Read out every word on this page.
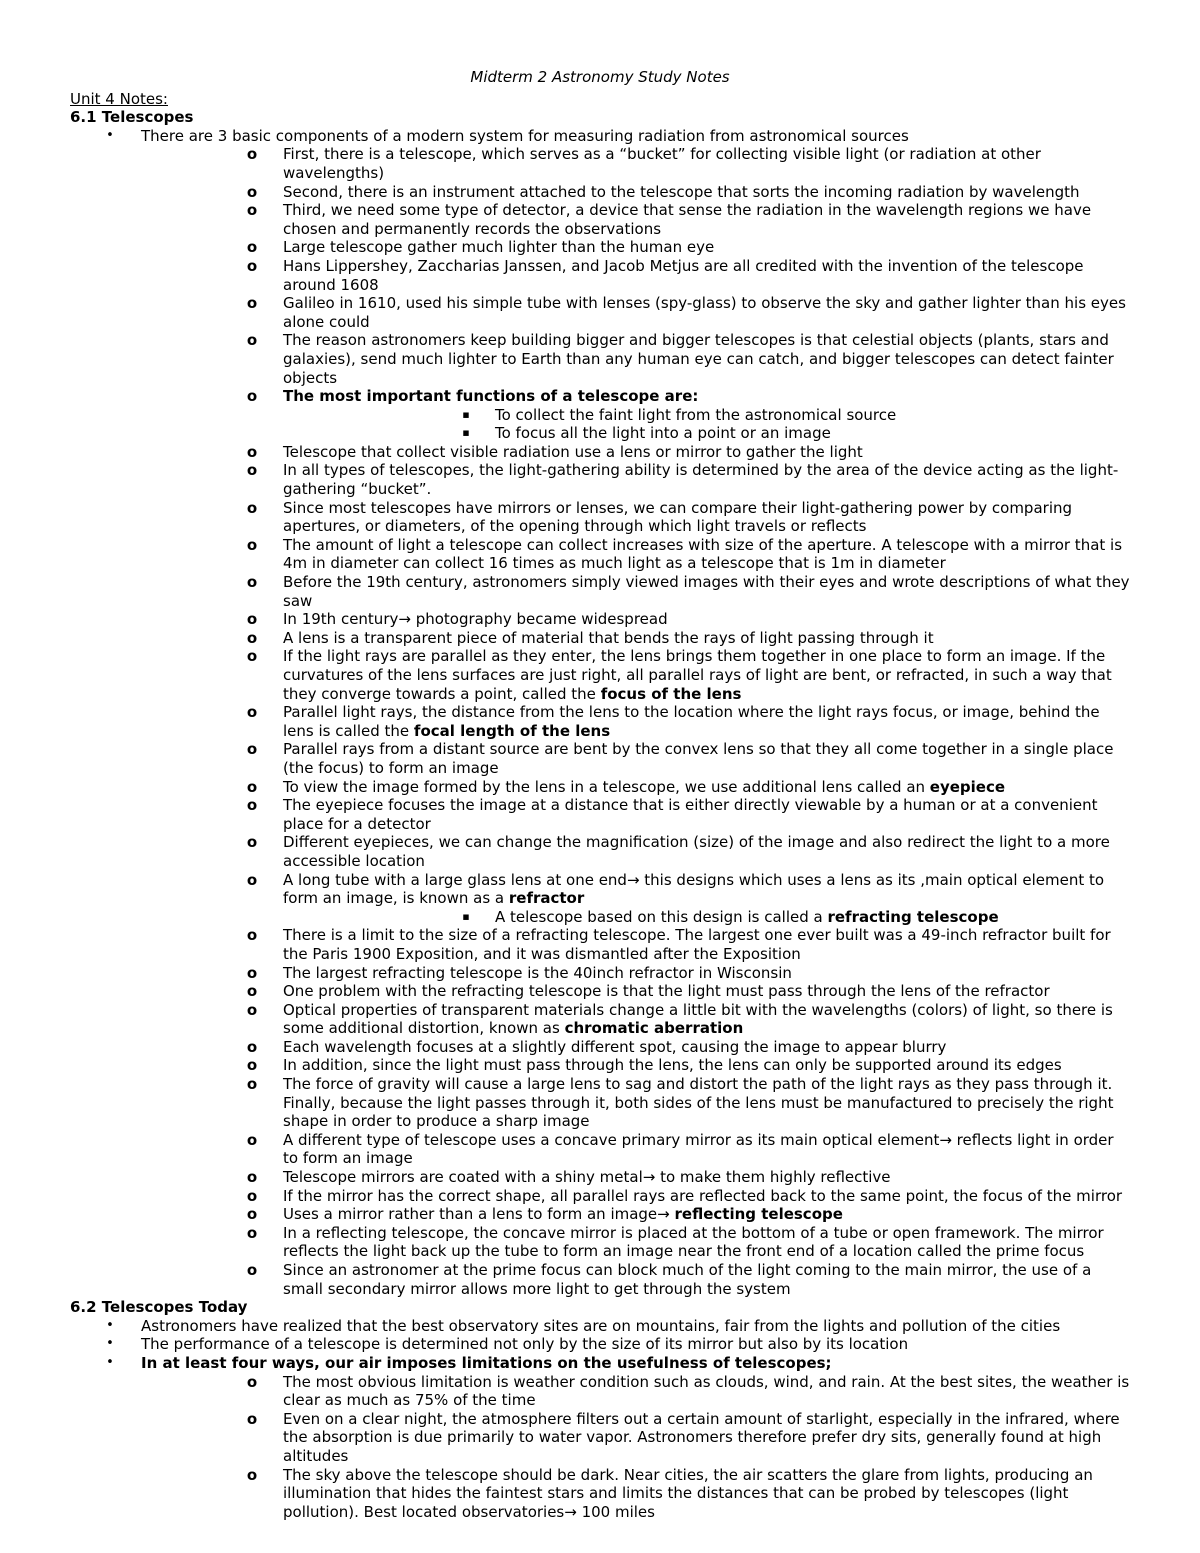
Midterm 2 Astronomy Study Notes
Unit 4 Notes:
6.1 Telescopes
• There are 3 basic components of a modern system for measuring radiation from astronomical sources
o First, there is a telescope, which serves as a “bucket” for collecting visible light (or radiation at other wavelengths)
o Second, there is an instrument attached to the telescope that sorts the incoming radiation by wavelength
o Third, we need some type of detector, a device that sense the radiation in the wavelength regions we have chosen and permanently records the observations
o Large telescope gather much lighter than the human eye
o Hans Lippershey, Zaccharias Janssen, and Jacob Metjus are all credited with the invention of the telescope around 1608
o Galileo in 1610, used his simple tube with lenses (spy-glass) to observe the sky and gather lighter than his eyes alone could
o The reason astronomers keep building bigger and bigger telescopes is that celestial objects (plants, stars and galaxies), send much lighter to Earth than any human eye can catch, and bigger telescopes can detect fainter objects
o The most important functions of a telescope are:
▪ To collect the faint light from the astronomical source
▪ To focus all the light into a point or an image
o Telescope that collect visible radiation use a lens or mirror to gather the light
o In all types of telescopes, the light-gathering ability is determined by the area of the device acting as the light-gathering “bucket”.
o Since most telescopes have mirrors or lenses, we can compare their light-gathering power by comparing apertures, or diameters, of the opening through which light travels or reflects
o The amount of light a telescope can collect increases with size of the aperture. A telescope with a mirror that is 4m in diameter can collect 16 times as much light as a telescope that is 1m in diameter
o Before the 19th century, astronomers simply viewed images with their eyes and wrote descriptions of what they saw
o In 19th century→ photography became widespread
o A lens is a transparent piece of material that bends the rays of light passing through it
o If the light rays are parallel as they enter, the lens brings them together in one place to form an image. If the curvatures of the lens surfaces are just right, all parallel rays of light are bent, or refracted, in such a way that they converge towards a point, called the focus of the lens
o Parallel light rays, the distance from the lens to the location where the light rays focus, or image, behind the lens is called the focal length of the lens
o Parallel rays from a distant source are bent by the convex lens so that they all come together in a single place (the focus) to form an image
o To view the image formed by the lens in a telescope, we use additional lens called an eyepiece
o The eyepiece focuses the image at a distance that is either directly viewable by a human or at a convenient place for a detector
o Different eyepieces, we can change the magnification (size) of the image and also redirect the light to a more accessible location
o A long tube with a large glass lens at one end→ this designs which uses a lens as its ,main optical element to form an image, is known as a refractor
▪ A telescope based on this design is called a refracting telescope
o There is a limit to the size of a refracting telescope. The largest one ever built was a 49-inch refractor built for the Paris 1900 Exposition, and it was dismantled after the Exposition
o The largest refracting telescope is the 40inch refractor in Wisconsin
o One problem with the refracting telescope is that the light must pass through the lens of the refractor
o Optical properties of transparent materials change a little bit with the wavelengths (colors) of light, so there is some additional distortion, known as chromatic aberration
o Each wavelength focuses at a slightly different spot, causing the image to appear blurry
o In addition, since the light must pass through the lens, the lens can only be supported around its edges
o The force of gravity will cause a large lens to sag and distort the path of the light rays as they pass through it. Finally, because the light passes through it, both sides of the lens must be manufactured to precisely the right shape in order to produce a sharp image
o A different type of telescope uses a concave primary mirror as its main optical element→ reflects light in order to form an image
o Telescope mirrors are coated with a shiny metal→ to make them highly reflective
o If the mirror has the correct shape, all parallel rays are reflected back to the same point, the focus of the mirror
o Uses a mirror rather than a lens to form an image→ reflecting telescope
o In a reflecting telescope, the concave mirror is placed at the bottom of a tube or open framework. The mirror reflects the light back up the tube to form an image near the front end of a location called the prime focus
o Since an astronomer at the prime focus can block much of the light coming to the main mirror, the use of a small secondary mirror allows more light to get through the system
6.2 Telescopes Today
• Astronomers have realized that the best observatory sites are on mountains, fair from the lights and pollution of the cities
• The performance of a telescope is determined not only by the size of its mirror but also by its location
• In at least four ways, our air imposes limitations on the usefulness of telescopes;
o The most obvious limitation is weather condition such as clouds, wind, and rain. At the best sites, the weather is clear as much as 75% of the time
o Even on a clear night, the atmosphere filters out a certain amount of starlight, especially in the infrared, where the absorption is due primarily to water vapor. Astronomers therefore prefer dry sits, generally found at high altitudes
o The sky above the telescope should be dark. Near cities, the air scatters the glare from lights, producing an illumination that hides the faintest stars and limits the distances that can be probed by telescopes (light pollution). Best located observatories→ 100 miles
